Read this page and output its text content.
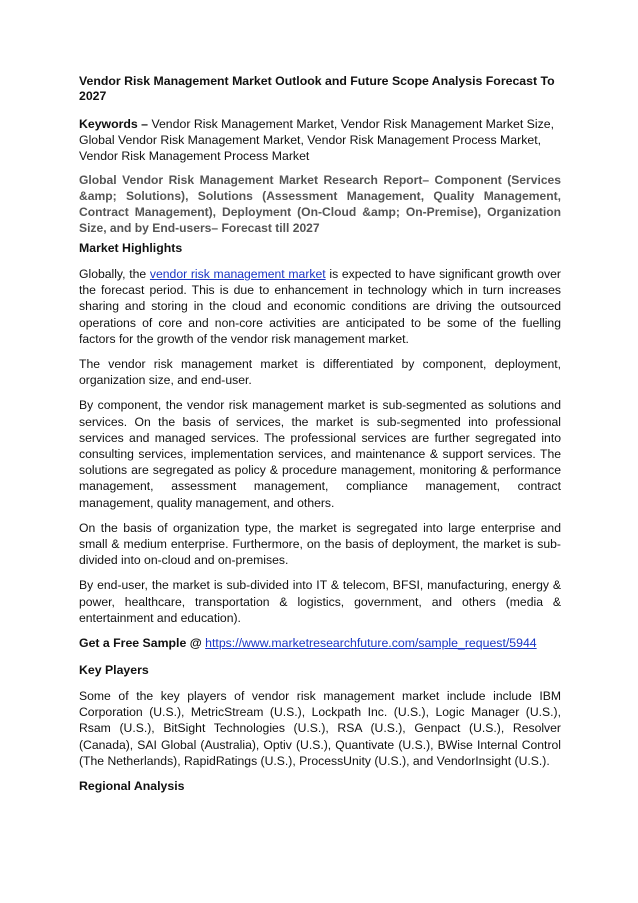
Vendor Risk Management Market Outlook and Future Scope Analysis Forecast To 2027
Keywords – Vendor Risk Management Market, Vendor Risk Management Market Size, Global Vendor Risk Management Market, Vendor Risk Management Process Market, Vendor Risk Management Process Market
Global Vendor Risk Management Market Research Report– Component (Services &amp; Solutions), Solutions (Assessment Management, Quality Management, Contract Management), Deployment (On-Cloud &amp; On-Premise), Organization Size, and by End-users– Forecast till 2027
Market Highlights

Globally, the vendor risk management market is expected to have significant growth over the forecast period. This is due to enhancement in technology which in turn increases sharing and storing in the cloud and economic conditions are driving the outsourced operations of core and non-core activities are anticipated to be some of the fuelling factors for the growth of the vendor risk management market.

The vendor risk management market is differentiated by component, deployment, organization size, and end-user.

By component, the vendor risk management market is sub-segmented as solutions and services. On the basis of services, the market is sub-segmented into professional services and managed services. The professional services are further segregated into consulting services, implementation services, and maintenance & support services. The solutions are segregated as policy & procedure management, monitoring & performance management, assessment management, compliance management, contract management, quality management, and others.

On the basis of organization type, the market is segregated into large enterprise and small & medium enterprise. Furthermore, on the basis of deployment, the market is sub-divided into on-cloud and on-premises.

By end-user, the market is sub-divided into IT & telecom, BFSI, manufacturing, energy & power, healthcare, transportation & logistics, government, and others (media & entertainment and education).

Get a Free Sample @ https://www.marketresearchfuture.com/sample_request/5944
Key Players

Some of the key players of vendor risk management market include include IBM Corporation (U.S.), MetricStream (U.S.), Lockpath Inc. (U.S.), Logic Manager (U.S.), Rsam (U.S.), BitSight Technologies (U.S.), RSA (U.S.), Genpact (U.S.), Resolver (Canada), SAI Global (Australia), Optiv (U.S.), Quantivate (U.S.), BWise Internal Control (The Netherlands), RapidRatings (U.S.), ProcessUnity (U.S.), and VendorInsight (U.S.).

Regional Analysis
